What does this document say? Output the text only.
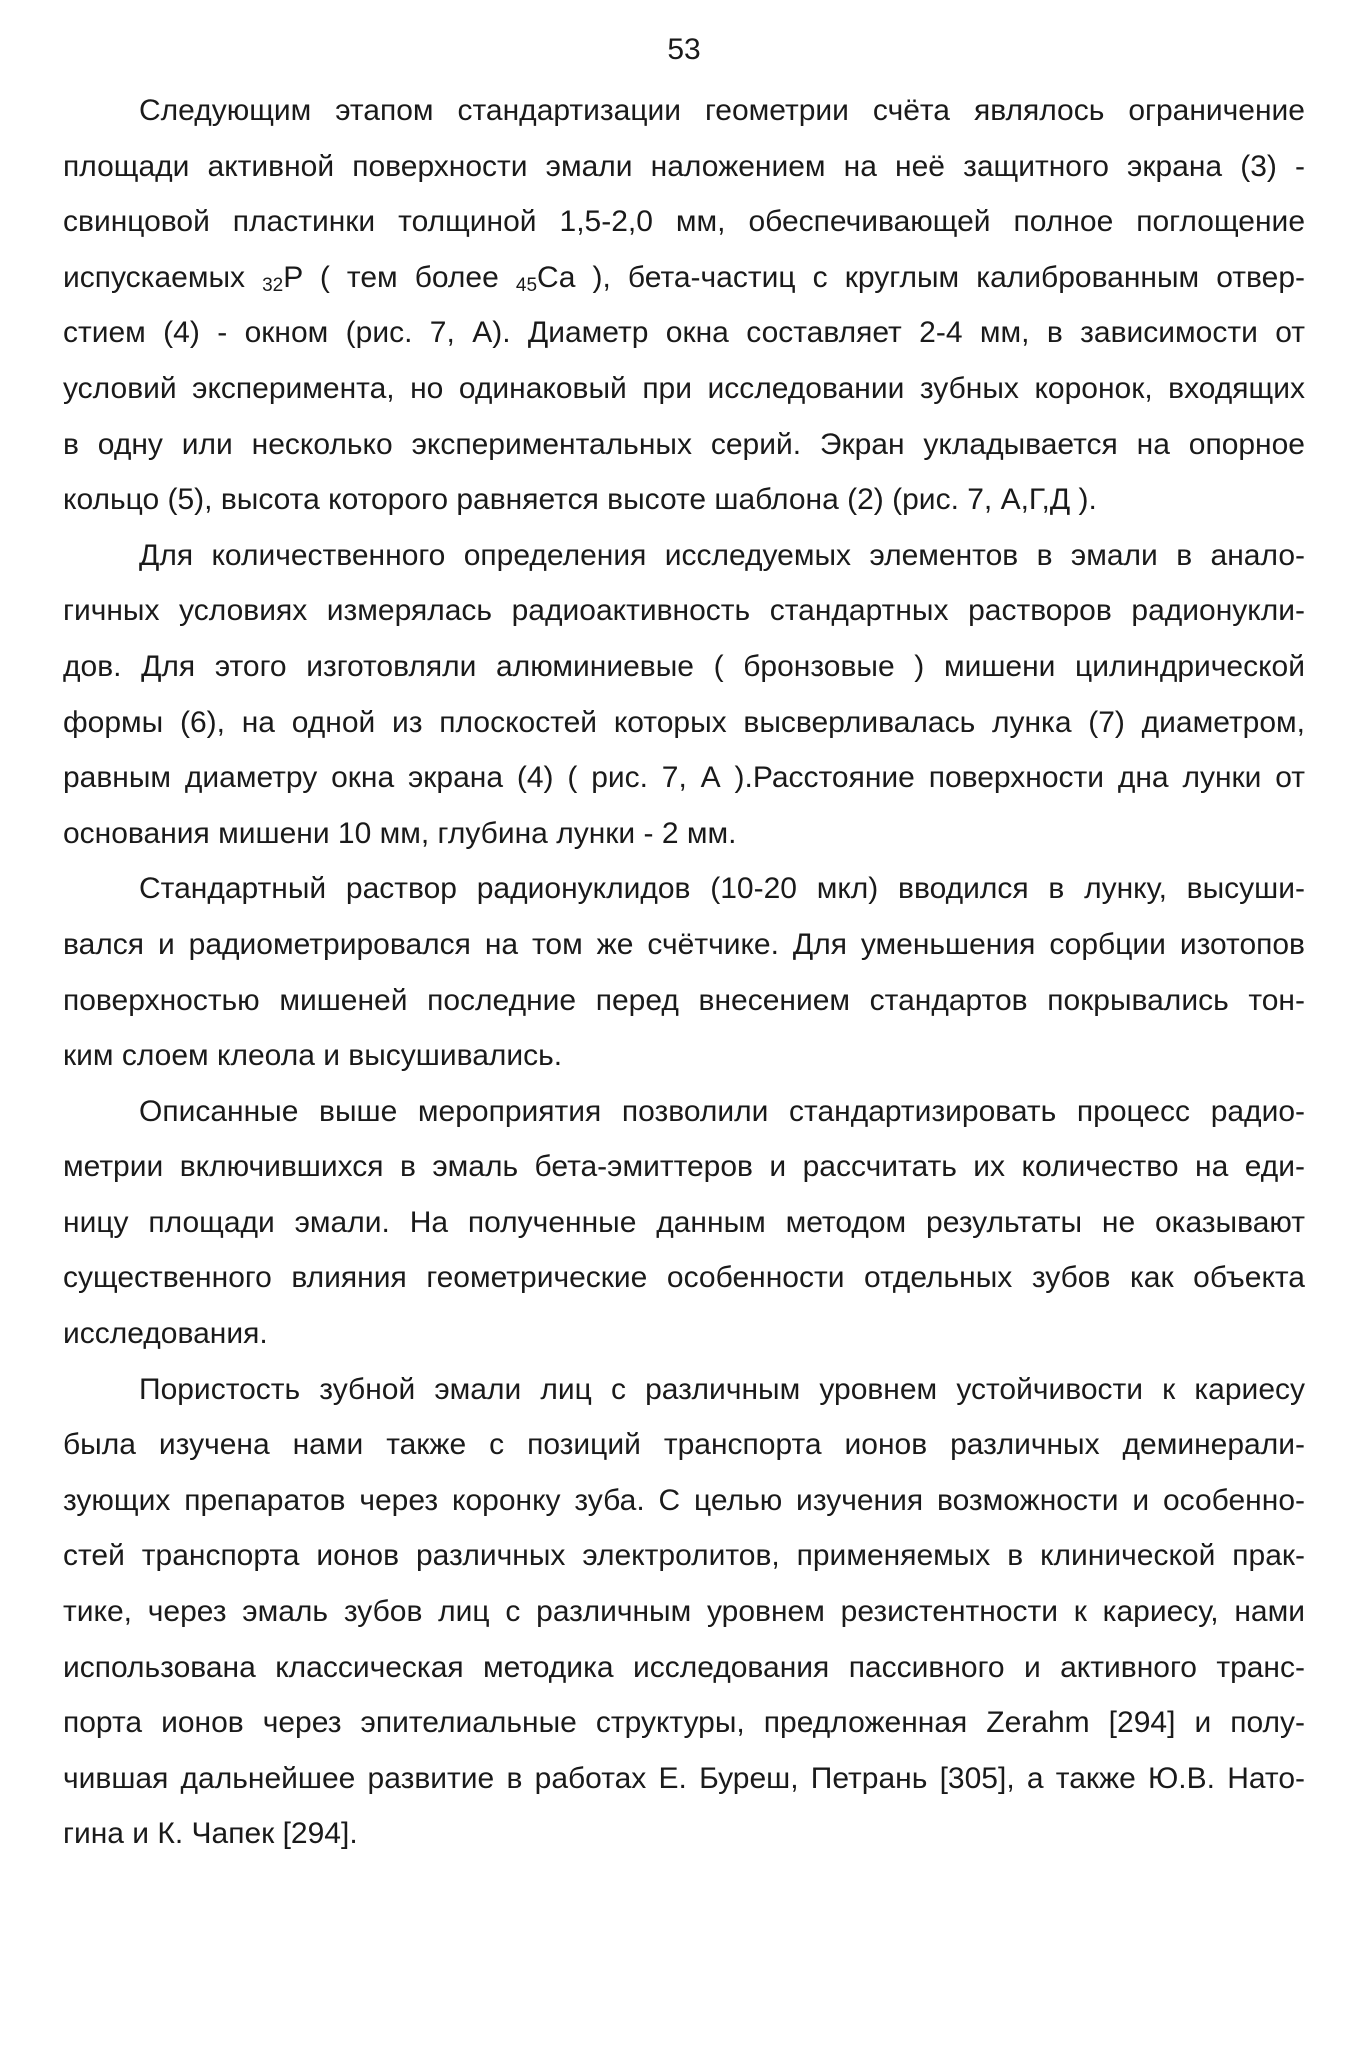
53

Следующим этапом стандартизации геометрии счёта являлось ограничение
площади активной поверхности эмали наложением на неё защитного экрана (3) -
свинцовой пластинки толщиной 1,5-2,0 мм, обеспечивающей полное поглощение
испускаемых $_{32}$P ( тем более $_{45}$Ca ), бета-частиц с круглым калиброванным отвер-
стием (4) - окном (рис. 7, А). Диаметр окна составляет 2-4 мм, в зависимости от
условий эксперимента, но одинаковый при исследовании зубных коронок, входящих
в одну или несколько экспериментальных серий. Экран укладывается на опорное
кольцо (5), высота которого равняется высоте шаблона (2) (рис. 7, А,Г,Д ).

Для количественного определения исследуемых элементов в эмали в анало-
гичных условиях измерялась радиоактивность стандартных растворов радионукли-
дов. Для этого изготовляли алюминиевые ( бронзовые ) мишени цилиндрической
формы (6), на одной из плоскостей которых высверливалась лунка (7) диаметром,
равным диаметру окна экрана (4) ( рис. 7, А ).Расстояние поверхности дна лунки от
основания мишени 10 мм, глубина лунки - 2 мм.

Стандартный раствор радионуклидов (10-20 мкл) вводился в лунку, высуши-
вался и радиометрировался на том же счётчике. Для уменьшения сорбции изотопов
поверхностью мишеней последние перед внесением стандартов покрывались тон-
ким слоем клеола и высушивались.

Описанные выше мероприятия позволили стандартизировать процесс радио-
метрии включившихся в эмаль бета-эмиттеров и рассчитать их количество на еди-
ницу площади эмали. На полученные данным методом результаты не оказывают
существенного влияния геометрические особенности отдельных зубов как объекта
исследования.

Пористость зубной эмали лиц с различным уровнем устойчивости к кариесу
была изучена нами также с позиций транспорта ионов различных деминерали-
зующих препаратов через коронку зуба. С целью изучения возможности и особенно-
стей транспорта ионов различных электролитов, применяемых в клинической прак-
тике, через эмаль зубов лиц с различным уровнем резистентности к кариесу, нами
использована классическая методика исследования пассивного и активного транс-
порта ионов через эпителиальные структуры, предложенная Zerahm [294] и полу-
чившая дальнейшее развитие в работах Е. Буреш, Петрань [305], а также Ю.В. Нато-
гина и К. Чапек [294].
